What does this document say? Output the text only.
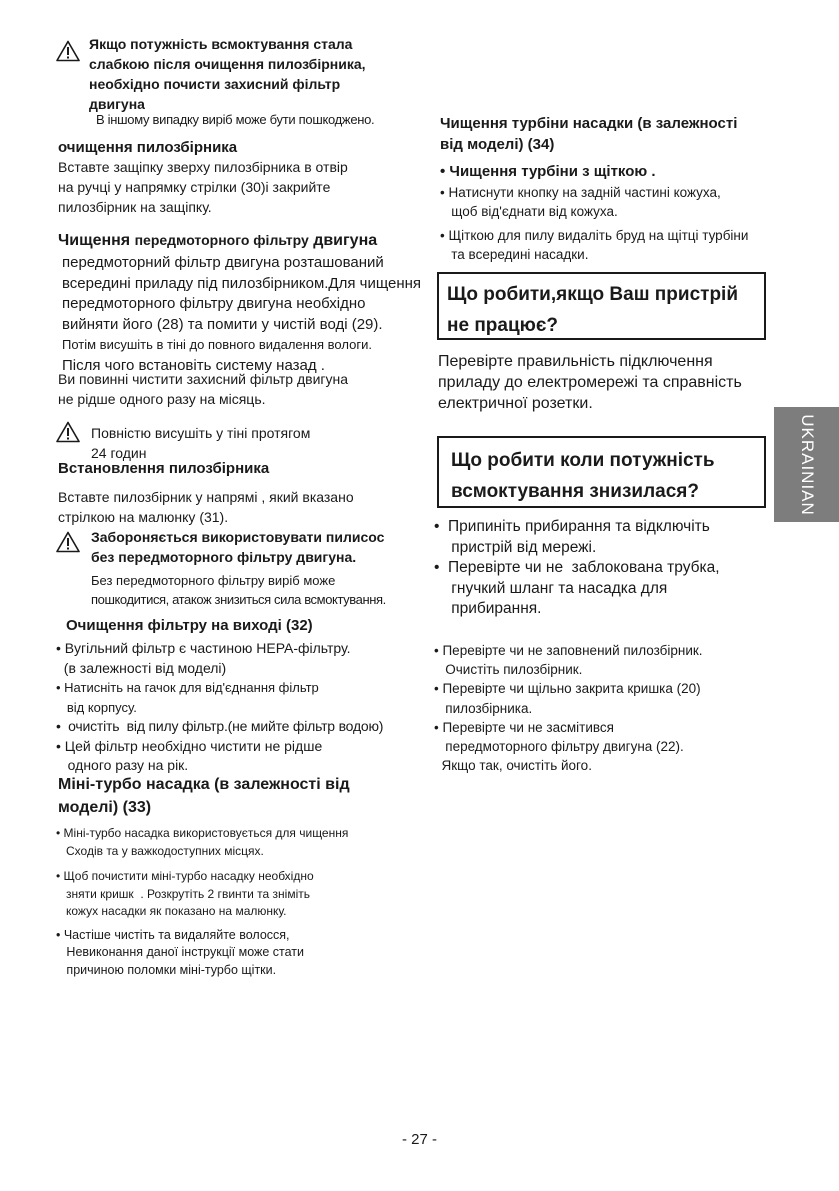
Якщо потужність всмоктування стала

слабкою після очищення пилозбірника,

необхідно почисти захисний фільтр

двигуна

В іншому випадку виріб може бути пошкоджено.

очищення пилозбірника

Вставте защіпку зверху пилозбірника в отвір

на ручці у напрямку стрілки (30)і закрийте

пилозбірник на защіпку.

Чищення передмоторного фільтру двигуна

передмоторний фільтр двигуна розташований

всередині приладу під пилозбірником.Для чищення

передмоторного фільтру двигуна необхідно

вийняти його (28) та помити у чистій воді (29).

Потім висушіть в тіні до повного видалення вологи.

Після чого встановіть систему назад .

Ви повинні чистити захисний фільтр двигуна

не рідше одного разу на місяць.

Повністю висушіть у тіні протягом

24 годин

Встановлення пилозбірника

Вставте пилозбірник у напрямі , який вказано

стрілкою на малюнку (31).

Забороняється використовувати пилисос

без передмоторного фільтру двигуна.

Без передмоторного фільтру виріб може

пошкодитися, атакож знизиться сила всмоктування.

Очищення фільтру на виході (32)

• Вугільний фільтр є частиною HEPA-фільтру.

(в залежності від моделі)

• Натисніть на гачок для від'єднання фільтр

від корпусу.

•  очистіть  від пилу фільтр.(не мийте фільтр водою)

• Цей фільтр необхідно чистити не рідше

одного разу на рік.

Міні-турбо насадка (в залежності від

моделі) (33)

• Міні-турбо насадка використовується для чищення

Сходів та у важкодоступних місцях.

• Щоб почистити міні-турбо насадку необхідно

зняти кришк  . Розкрутіть 2 гвинти та зніміть

кожух насадки як показано на малюнку.

• Частіше чистіть та видаляйте волосся,

Невиконання даної інструкції може стати

причиною поломки міні-турбо щітки.

Чищення турбіни насадки (в залежності

від моделі) (34)

• Чищення турбіни з щіткою .

• Натиснути кнопку на задній частині кожуха,

щоб від'єднати від кожуха.

• Щіткою для пилу видаліть бруд на щітці турбіни

та всередині насадки.

Що робити,якщо Ваш пристрій

не працює?

Перевірте правильність підключення

приладу до електромережі та справність

електричної розетки.

Що робити коли потужність

всмоктування знизилася?

•  Припиніть прибирання та відключіть

пристрій від мережі.

•  Перевірте чи не  заблокована трубка,

гнучкий шланг та насадка для

прибирання.

• Перевірте чи не заповнений пилозбірник.

Очистіть пилозбірник.

• Перевірте чи щільно закрита кришка (20)

пилозбірника.

• Перевірте чи не засмітився

передмоторного фільтру двигуна (22).

Якщо так, очистіть його.

UKRAINIAN

- 27 -
